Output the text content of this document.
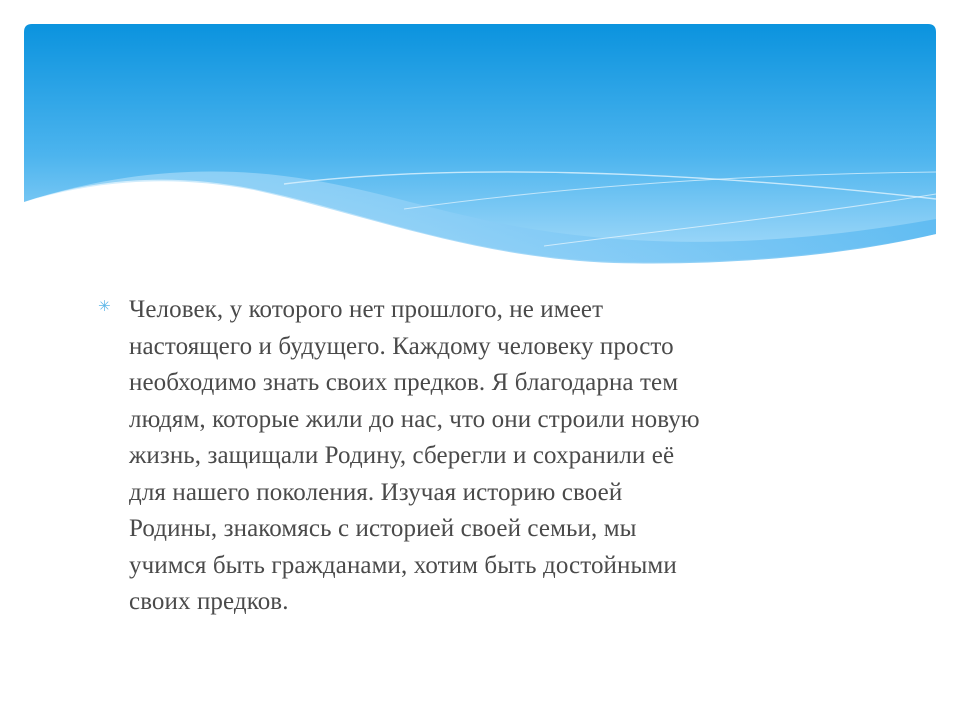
✳ Человек, у которого нет прошлого, не имеет
настоящего и будущего. Каждому человеку просто
необходимо знать своих предков. Я благодарна тем
людям, которые жили до нас, что они строили новую
жизнь, защищали Родину, сберегли и сохранили её
для нашего поколения. Изучая историю своей
Родины, знакомясь с историей своей семьи, мы
учимся быть гражданами, хотим быть достойными
своих предков.
